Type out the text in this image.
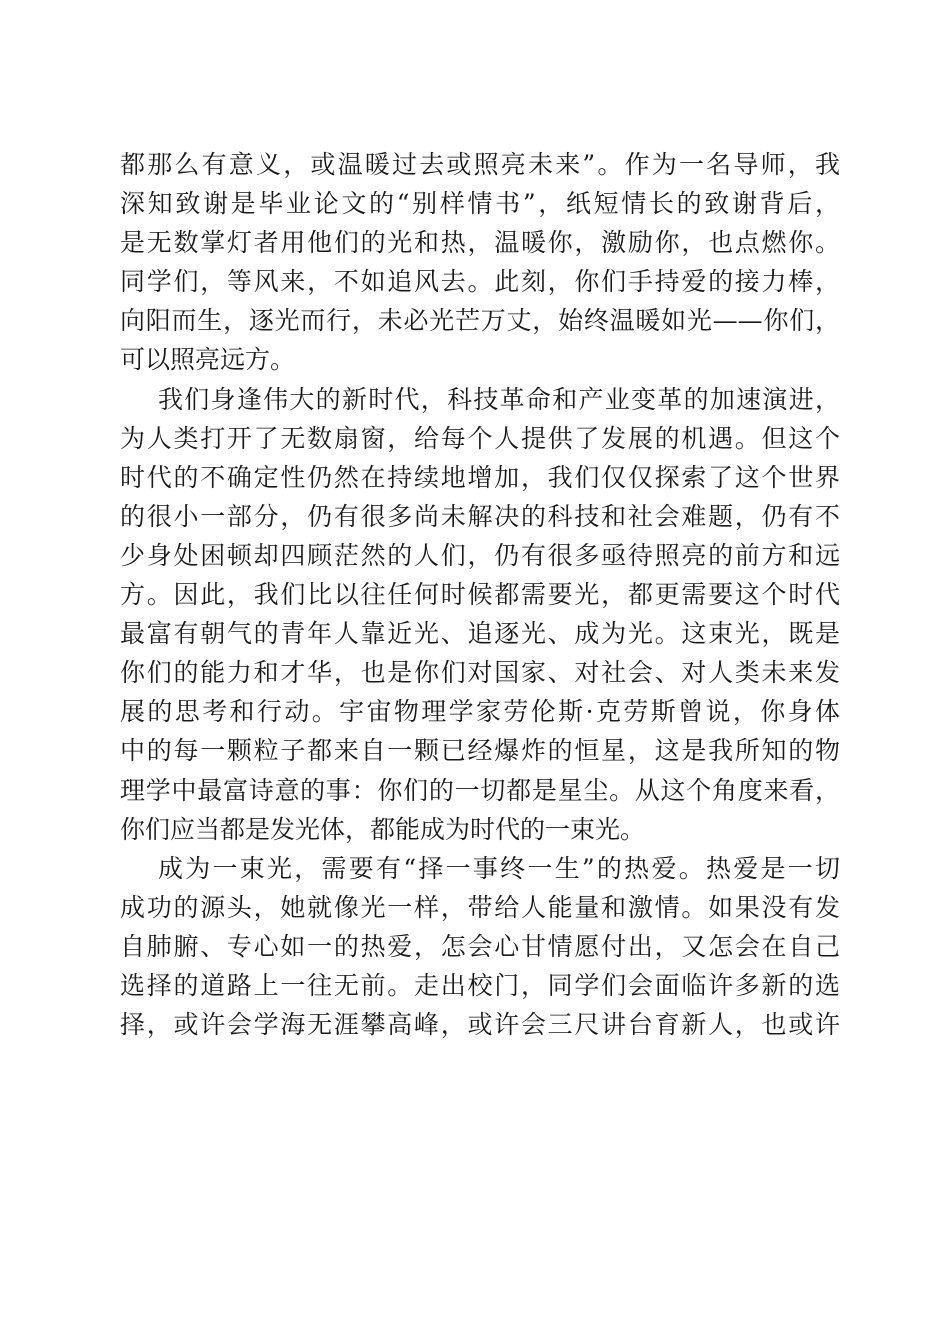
都那么有意义，或温暖过去或照亮未来”。作为一名导师，我
深知致谢是毕业论文的“别样情书”，纸短情长的致谢背后，
是无数掌灯者用他们的光和热，温暖你，激励你，也点燃你。
同学们，等风来，不如追风去。此刻，你们手持爱的接力棒，
向阳而生，逐光而行，未必光芒万丈，始终温暖如光——你们，
可以照亮远方。
我们身逢伟大的新时代，科技革命和产业变革的加速演进，
为人类打开了无数扇窗，给每个人提供了发展的机遇。但这个
时代的不确定性仍然在持续地增加，我们仅仅探索了这个世界
的很小一部分，仍有很多尚未解决的科技和社会难题，仍有不
少身处困顿却四顾茫然的人们，仍有很多亟待照亮的前方和远
方。因此，我们比以往任何时候都需要光，都更需要这个时代
最富有朝气的青年人靠近光、追逐光、成为光。这束光，既是
你们的能力和才华，也是你们对国家、对社会、对人类未来发
展的思考和行动。宇宙物理学家劳伦斯·克劳斯曾说，你身体
中的每一颗粒子都来自一颗已经爆炸的恒星，这是我所知的物
理学中最富诗意的事：你们的一切都是星尘。从这个角度来看，
你们应当都是发光体，都能成为时代的一束光。
成为一束光，需要有“择一事终一生”的热爱。热爱是一切
成功的源头，她就像光一样，带给人能量和激情。如果没有发
自肺腑、专心如一的热爱，怎会心甘情愿付出，又怎会在自己
选择的道路上一往无前。走出校门，同学们会面临许多新的选
择，或许会学海无涯攀高峰，或许会三尺讲台育新人，也或许
